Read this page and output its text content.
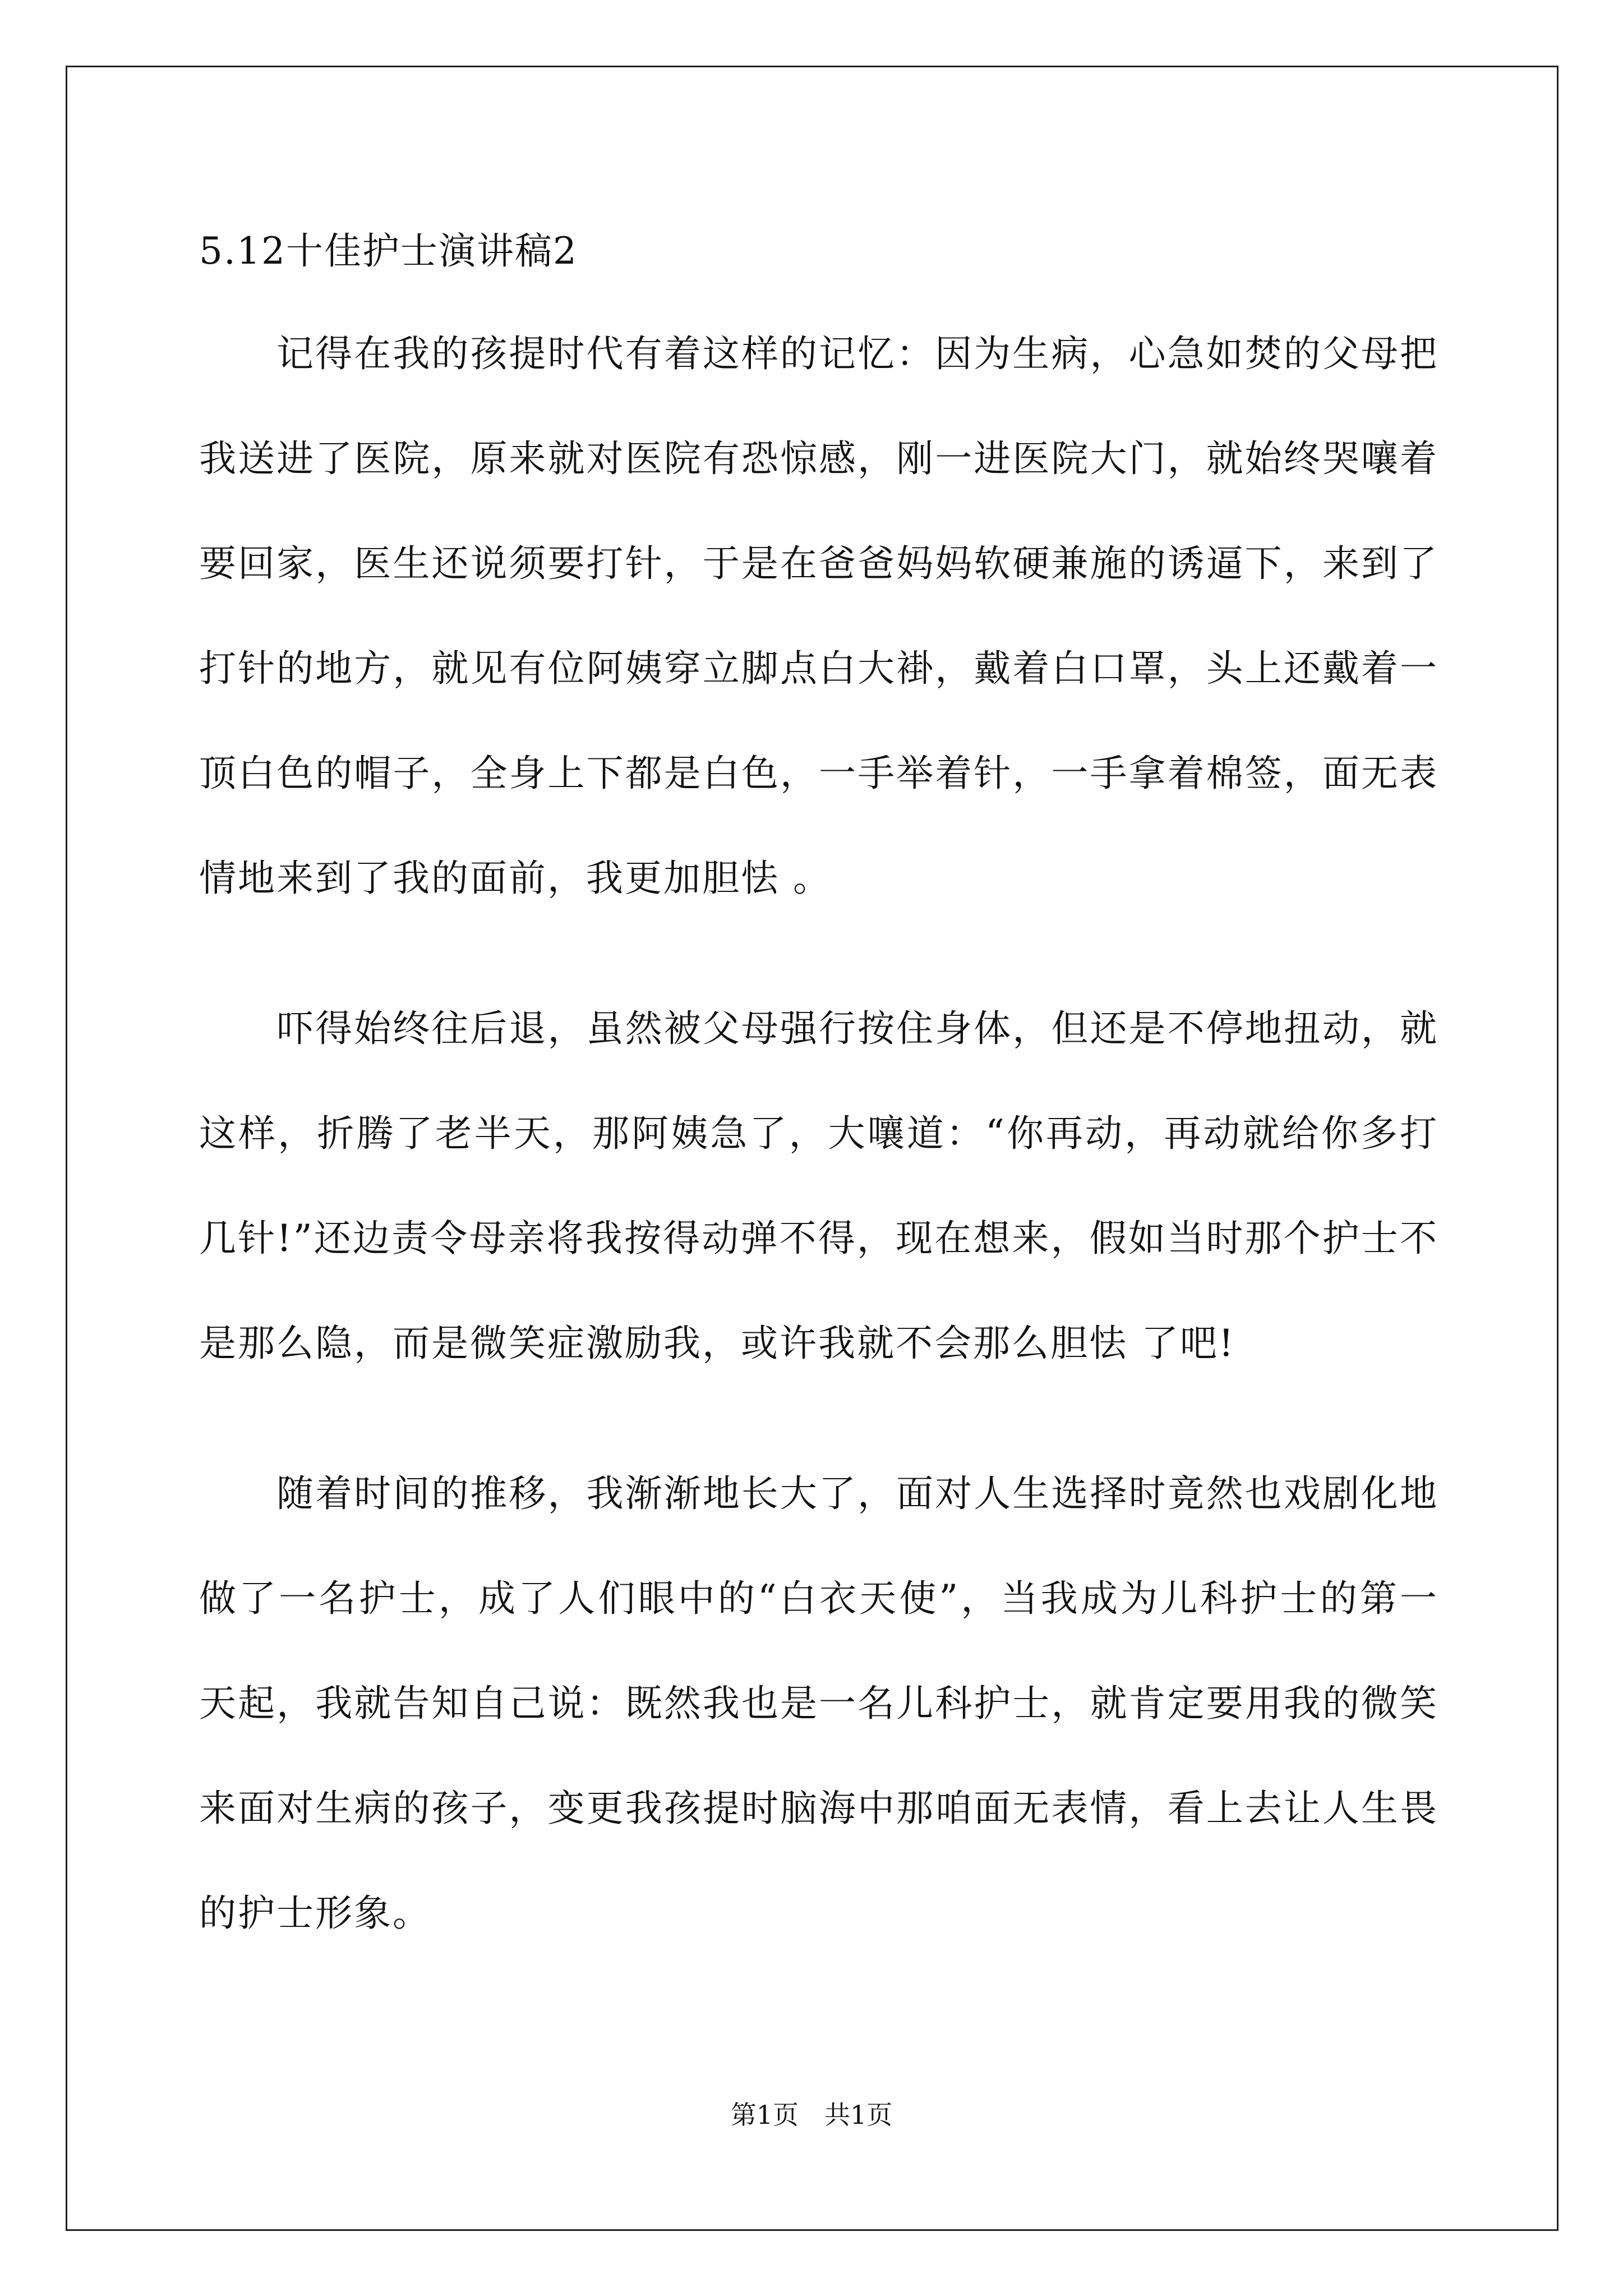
5.12十佳护士演讲稿2

记得在我的孩提时代有着这样的记忆：因为生病，心急如焚的父母把我送进了医院，原来就对医院有恐惊感，刚一进医院大门，就始终哭嚷着要回家，医生还说须要打针，于是在爸爸妈妈软硬兼施的诱逼下，来到了打针的地方，就见有位阿姨穿立脚点白大褂，戴着白口罩，头上还戴着一顶白色的帽子，全身上下都是白色，一手举着针，一手拿着棉签，面无表情地来到了我的面前，我更加胆怯 。

吓得始终往后退，虽然被父母强行按住身体，但还是不停地扭动，就这样，折腾了老半天，那阿姨急了，大嚷道：“你再动，再动就给你多打几针!”还边责令母亲将我按得动弹不得，现在想来，假如当时那个护士不是那么隐，而是微笑症激励我，或许我就不会那么胆怯 了吧!

随着时间的推移，我渐渐地长大了，面对人生选择时竟然也戏剧化地做了一名护士，成了人们眼中的“白衣天使”，当我成为儿科护士的第一天起，我就告知自己说：既然我也是一名儿科护士，就肯定要用我的微笑来面对生病的孩子，变更我孩提时脑海中那咱面无表情，看上去让人生畏的护士形象。

第1页　共1页
